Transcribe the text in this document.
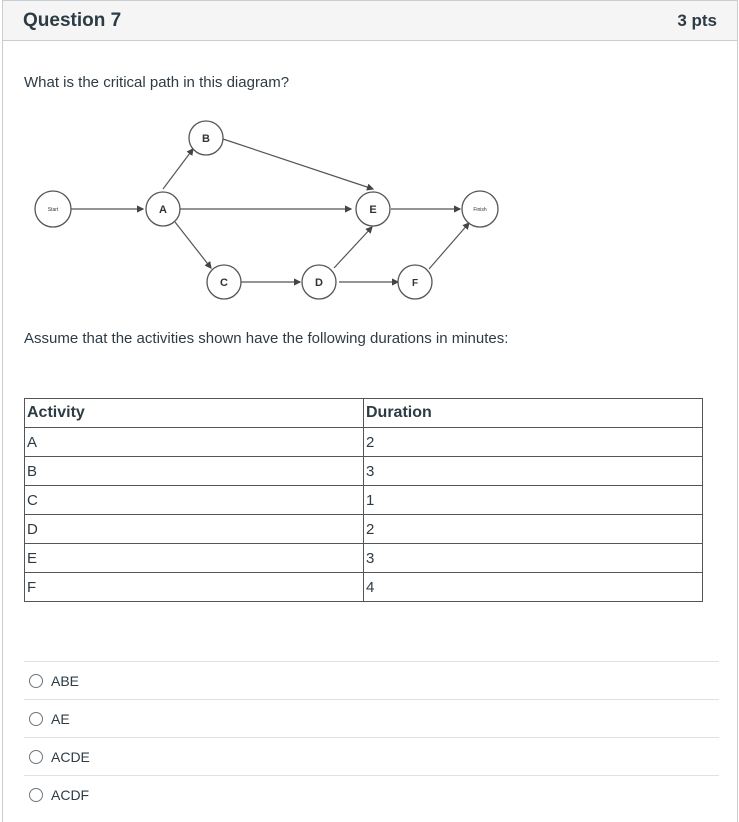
Question 7	3 pts
What is the critical path in this diagram?
Start	A
B
C	D
E
F
Finish
Assume that the activities shown have the following durations in minutes:
Activity	Duration
A	2
B	3
C	1
D	2
E	3
F	4
ABE
AE
ACDE
ACDF
